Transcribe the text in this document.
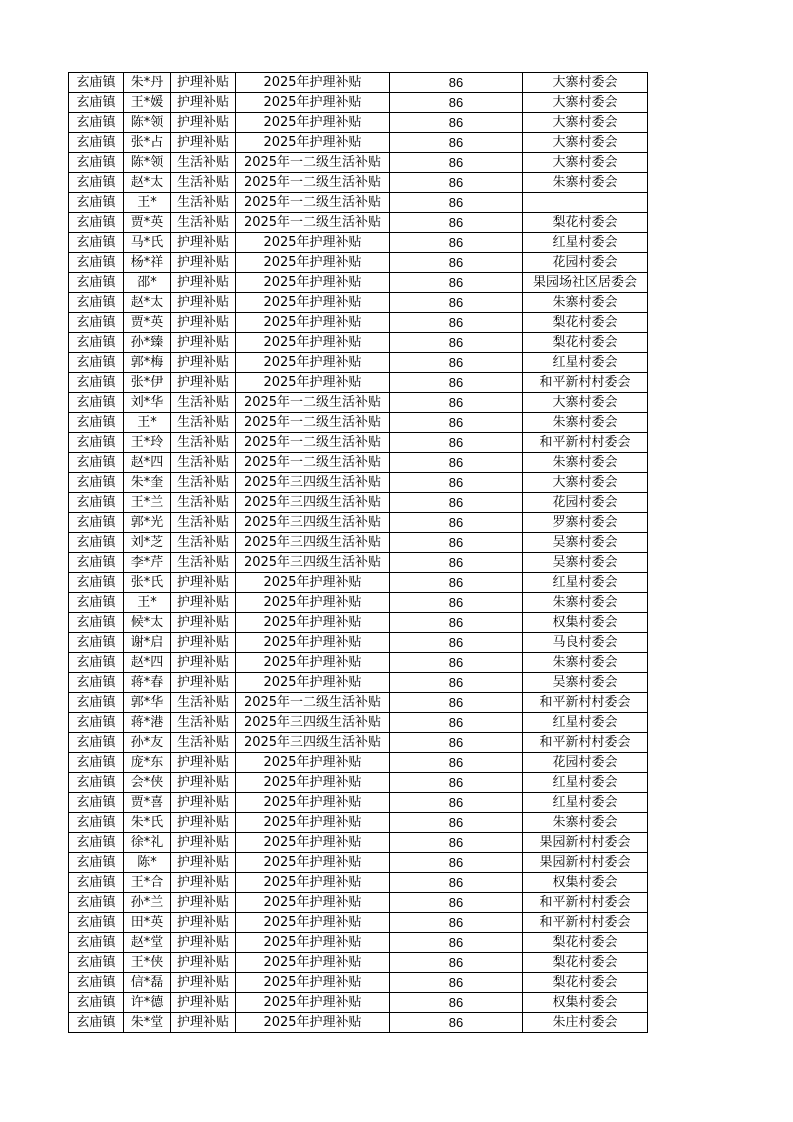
玄庙镇	朱*丹	护理补贴	2025年护理补贴	86	大寨村委会
玄庙镇	王*媛	护理补贴	2025年护理补贴	86	大寨村委会
玄庙镇	陈*领	护理补贴	2025年护理补贴	86	大寨村委会
玄庙镇	张*占	护理补贴	2025年护理补贴	86	大寨村委会
玄庙镇	陈*领	生活补贴	2025年一二级生活补贴	86	大寨村委会
玄庙镇	赵*太	生活补贴	2025年一二级生活补贴	86	朱寨村委会
玄庙镇	王*	生活补贴	2025年一二级生活补贴	86	
玄庙镇	贾*英	生活补贴	2025年一二级生活补贴	86	梨花村委会
玄庙镇	马*氏	护理补贴	2025年护理补贴	86	红星村委会
玄庙镇	杨*祥	护理补贴	2025年护理补贴	86	花园村委会
玄庙镇	邵*	护理补贴	2025年护理补贴	86	果园场社区居委会
玄庙镇	赵*太	护理补贴	2025年护理补贴	86	朱寨村委会
玄庙镇	贾*英	护理补贴	2025年护理补贴	86	梨花村委会
玄庙镇	孙*臻	护理补贴	2025年护理补贴	86	梨花村委会
玄庙镇	郭*梅	护理补贴	2025年护理补贴	86	红星村委会
玄庙镇	张*伊	护理补贴	2025年护理补贴	86	和平新村村委会
玄庙镇	刘*华	生活补贴	2025年一二级生活补贴	86	大寨村委会
玄庙镇	王*	生活补贴	2025年一二级生活补贴	86	朱寨村委会
玄庙镇	王*玲	生活补贴	2025年一二级生活补贴	86	和平新村村委会
玄庙镇	赵*四	生活补贴	2025年一二级生活补贴	86	朱寨村委会
玄庙镇	朱*奎	生活补贴	2025年三四级生活补贴	86	大寨村委会
玄庙镇	王*兰	生活补贴	2025年三四级生活补贴	86	花园村委会
玄庙镇	郭*光	生活补贴	2025年三四级生活补贴	86	罗寨村委会
玄庙镇	刘*芝	生活补贴	2025年三四级生活补贴	86	吴寨村委会
玄庙镇	李*芹	生活补贴	2025年三四级生活补贴	86	吴寨村委会
玄庙镇	张*氏	护理补贴	2025年护理补贴	86	红星村委会
玄庙镇	王*	护理补贴	2025年护理补贴	86	朱寨村委会
玄庙镇	候*太	护理补贴	2025年护理补贴	86	权集村委会
玄庙镇	谢*启	护理补贴	2025年护理补贴	86	马良村委会
玄庙镇	赵*四	护理补贴	2025年护理补贴	86	朱寨村委会
玄庙镇	蒋*春	护理补贴	2025年护理补贴	86	吴寨村委会
玄庙镇	郭*华	生活补贴	2025年一二级生活补贴	86	和平新村村委会
玄庙镇	蒋*港	生活补贴	2025年三四级生活补贴	86	红星村委会
玄庙镇	孙*友	生活补贴	2025年三四级生活补贴	86	和平新村村委会
玄庙镇	庞*东	护理补贴	2025年护理补贴	86	花园村委会
玄庙镇	会*侠	护理补贴	2025年护理补贴	86	红星村委会
玄庙镇	贾*喜	护理补贴	2025年护理补贴	86	红星村委会
玄庙镇	朱*氏	护理补贴	2025年护理补贴	86	朱寨村委会
玄庙镇	徐*礼	护理补贴	2025年护理补贴	86	果园新村村委会
玄庙镇	陈*	护理补贴	2025年护理补贴	86	果园新村村委会
玄庙镇	王*合	护理补贴	2025年护理补贴	86	权集村委会
玄庙镇	孙*兰	护理补贴	2025年护理补贴	86	和平新村村委会
玄庙镇	田*英	护理补贴	2025年护理补贴	86	和平新村村委会
玄庙镇	赵*堂	护理补贴	2025年护理补贴	86	梨花村委会
玄庙镇	王*侠	护理补贴	2025年护理补贴	86	梨花村委会
玄庙镇	信*磊	护理补贴	2025年护理补贴	86	梨花村委会
玄庙镇	许*德	护理补贴	2025年护理补贴	86	权集村委会
玄庙镇	朱*堂	护理补贴	2025年护理补贴	86	朱庄村委会
